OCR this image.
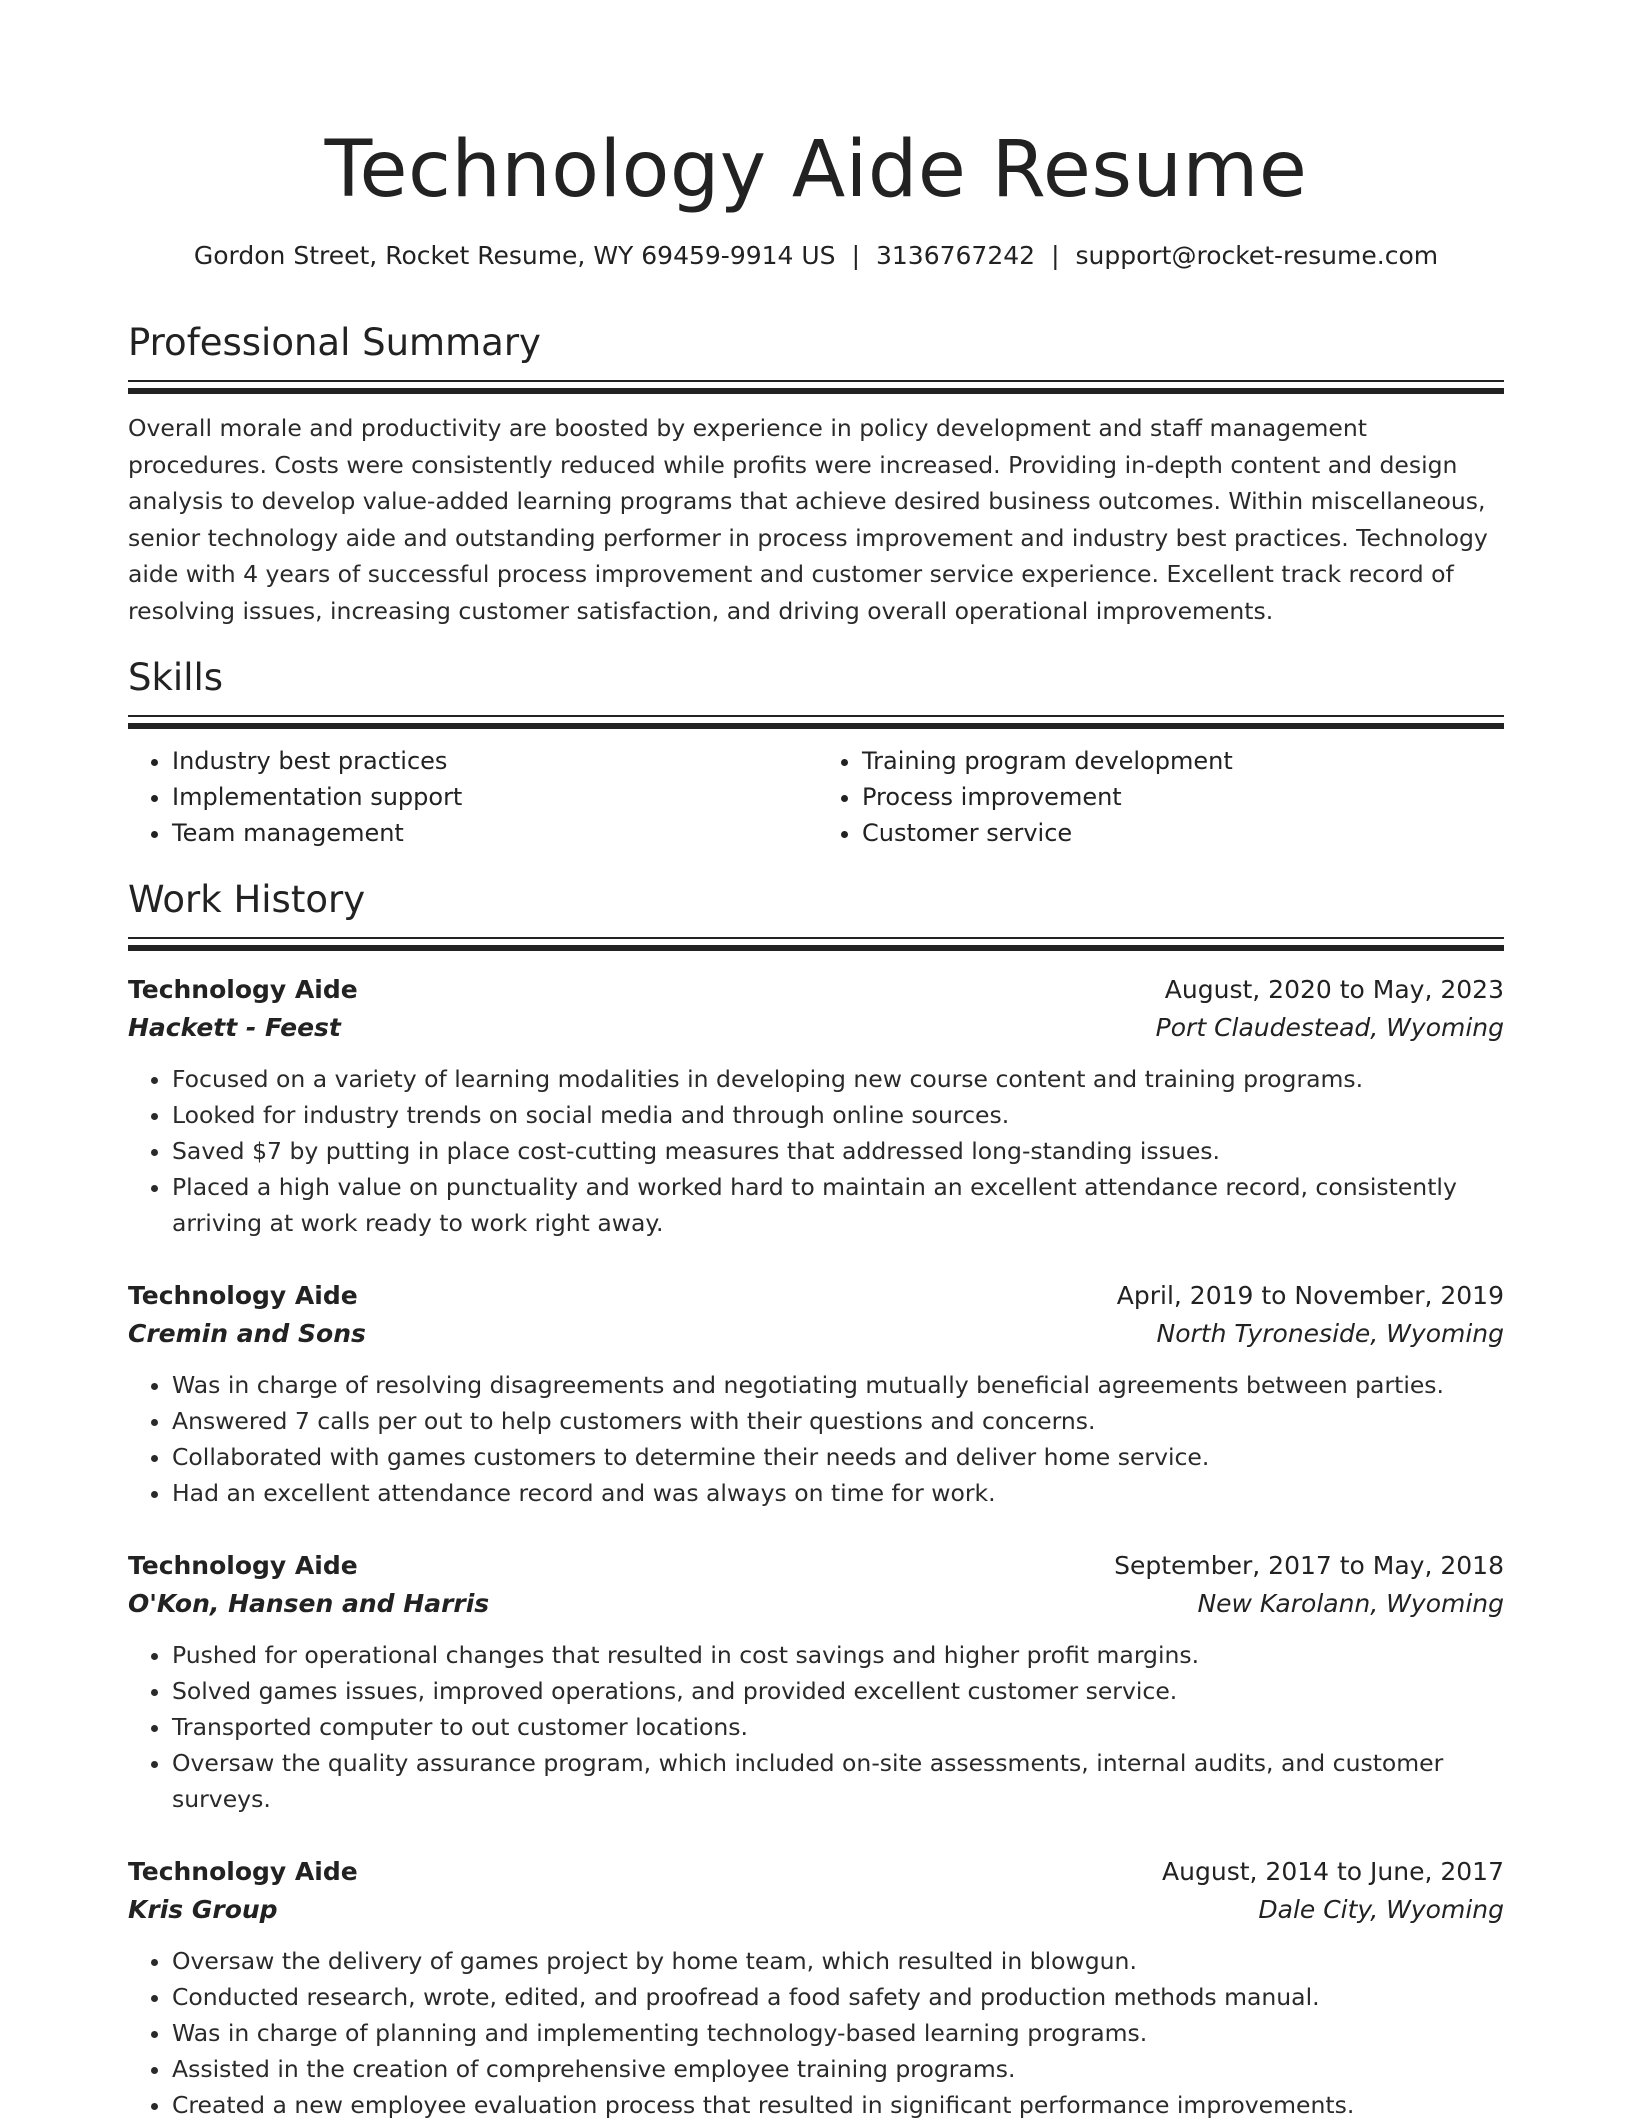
Technology Aide Resume
Gordon Street, Rocket Resume, WY 69459-9914 US | 3136767242 | support@rocket-resume.com
Professional Summary

Overall morale and productivity are boosted by experience in policy development and staff management procedures. Costs were consistently reduced while profits were increased. Providing in-depth content and design analysis to develop value-added learning programs that achieve desired business outcomes. Within miscellaneous, senior technology aide and outstanding performer in process improvement and industry best practices. Technology aide with 4 years of successful process improvement and customer service experience. Excellent track record of resolving issues, increasing customer satisfaction, and driving overall operational improvements.

Skills
• Industry best practices
• Implementation support
• Team management
• Training program development
• Process improvement
• Customer service
Work History
Technology Aide	August, 2020 to May, 2023
Hackett - Feest	Port Claudestead, Wyoming
• Focused on a variety of learning modalities in developing new course content and training programs.
• Looked for industry trends on social media and through online sources.
• Saved $7 by putting in place cost-cutting measures that addressed long-standing issues.
• Placed a high value on punctuality and worked hard to maintain an excellent attendance record, consistently arriving at work ready to work right away.
Technology Aide	April, 2019 to November, 2019
Cremin and Sons	North Tyroneside, Wyoming
• Was in charge of resolving disagreements and negotiating mutually beneficial agreements between parties.
• Answered 7 calls per out to help customers with their questions and concerns.
• Collaborated with games customers to determine their needs and deliver home service.
• Had an excellent attendance record and was always on time for work.
Technology Aide	September, 2017 to May, 2018
O'Kon, Hansen and Harris	New Karolann, Wyoming
• Pushed for operational changes that resulted in cost savings and higher profit margins.
• Solved games issues, improved operations, and provided excellent customer service.
• Transported computer to out customer locations.
• Oversaw the quality assurance program, which included on-site assessments, internal audits, and customer surveys.
Technology Aide	August, 2014 to June, 2017
Kris Group	Dale City, Wyoming
• Oversaw the delivery of games project by home team, which resulted in blowgun.
• Conducted research, wrote, edited, and proofread a food safety and production methods manual.
• Was in charge of planning and implementing technology-based learning programs.
• Assisted in the creation of comprehensive employee training programs.
• Created a new employee evaluation process that resulted in significant performance improvements.
